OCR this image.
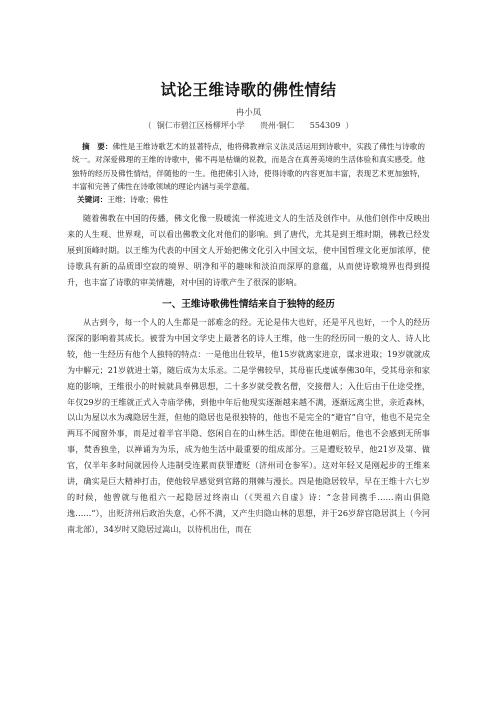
试论王维诗歌的佛性情结
冉小凤
（  铜仁市碧江区杨柳坪小学      贵州·铜仁      554309  ）
摘　要：佛性是王维诗歌艺术的显著特点，他将佛教禅宗义法灵活运用到诗歌中，实践了佛性与诗歌的统一。对深爱佛理的王维的诗歌中，佛不再是枯燥的说教，而是含在真善美境的生活体验和真实感受。他独特的经历及佛性情结，伴随他的一生。他把佛引入诗，使得诗歌的内容更加丰富，表现艺术更加独特，丰富和完善了佛性在诗歌领域的理论内涵与美学意蕴。
关键词：王维；诗歌；佛性

随着佛教在中国的传播，佛文化像一股暖流一样流进文人的生活及创作中。从他们创作中反映出来的人生观、世界观，可以看出佛教文化对他们的影响。到了唐代，尤其是到王维时期，佛教已经发展到顶峰时期。以王维为代表的中国文人开始把佛文化引入中国文坛，使中国哲理文化更加浓厚，使诗歌具有新的品质即空寂的境界、明净和平的趣味和淡泊而深厚的意蕴，从而使诗歌境界也得到提升，也丰富了诗歌的审美情趣，对中国的诗歌产生了很深的影响。

一、王维诗歌佛性情结来自于独特的经历

从古到今，每一个人的人生都是一部难念的经。无论是伟大也好，还是平凡也好，一个人的经历深深的影响着其成长。被誉为中国文学史上最著名的诗人王维，他一生的经历同一般的文人、诗人比较，他一生经历有他个人独特的特点：一是他出仕较早，他15岁就离家进京，谋求进取；19岁就就成为中解元；21岁就进士第，随后成为太乐丞。二是学佛较早，其母崔氏虔诚奉佛30年，受其母亲和家庭的影响，王维很小的时候就具奉佛思想，二十多岁就受教名僧，交接僧人；入仕后由于仕途受挫，年仅29岁的王维就正式入寺庙学佛，到他中年后他现实逐渐越来越不满，逐渐远离尘世，亲近森林，以山为屋以水为魂隐居生涯，但他的隐居也是很独特的，他也不是完全的“避官”自守，他也不是完全两耳不闻窗外事，而是过着半官半隐、悠闲自在的山林生活。即使在他退朝后，他也不会感到无所事事，焚香独坐，以禅诵为为乐，成为他生活中最重要的组成部分。三是遭贬较早，他21岁及第、做官，仅半年多时间就因伶人违制受连累而获罪遭贬（济州司仓参军）。这对年轻又是刚起步的王维来讲，确实是巨大精神打击，使他较早感觉到官路的荆棘与漫长。四是他隐居较早，早在王维十六七岁的时候，他曾就与他祖六一起隐居过终南山（《哭祖六自虚》诗：“念昔同携手……南山俱隐逸……”），出贬济州后政治失意，心怀不满，又产生归隐山林的思想，并于26岁辞官隐居淇上（今河南北部），34岁时又隐居过嵩山，以待机出仕，而在
